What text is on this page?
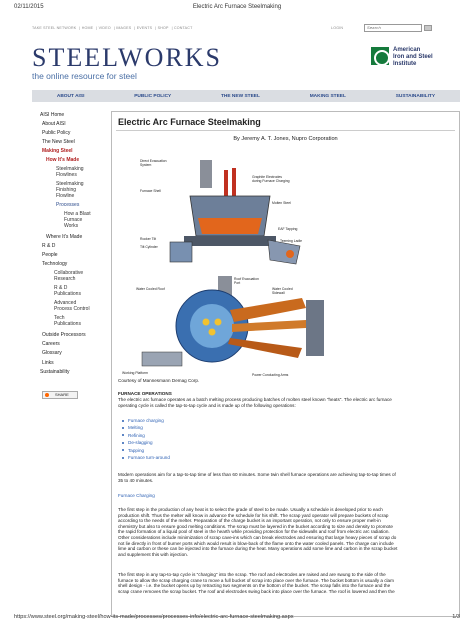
02/11/2015	Electric Arc Furnace Steelmaking
TAKE STEEL NETWORK | HOME | VIDEO | IMAGES | EVENTS | SHOP | CONTACT	LOGIN	Search
STEELWORKS
the online resource for steel
American
Iron and Steel
Institute
ABOUT AISI	PUBLIC POLICY	THE NEW STEEL	MAKING STEEL	SUSTAINABILITY
AISI Home
About AISI
Public Policy
The New Steel
Making Steel
How It's Made
Steelmaking
Flowlines
Steelmaking
Finishing
Flowline
Processes
How a Blast
Furnace
Works
Where It's Made
R & D
People
Technology
Collaborative
Research
R & D
Publications
Advanced
Process Control
Tech
Publications
Outside Processors
Careers
Glossary
Links
Sustainability
SHARE
Electric Arc Furnace Steelmaking
By Jeremy A. T. Jones, Nupro Corporation
Direct Evacuation
System
Furnace Shell
Graphite Electrodes
during Furnace Charging
Molten Steel
EAF Tapping
Rocker Tilt
Tilt Cylinder
Teeming Ladle
Roof Evacuation
Port
Water Cooled Roof	Water Cooled
Sidewall
Working Platform	Power Conducting Arms
Courtesy of Mannesmann Demag Corp.
FURNACE OPERATIONS
The electric arc furnace operates as a batch melting process producing batches of molten steel known "heats". The electric arc furnace
operating cycle is called the tap-to-tap cycle and is made up of the following operations:
Furnace charging
Melting
Refining
De-slagging
Tapping
Furnace turn-around
Modern operations aim for a tap-to-tap time of less than 60 minutes. Some twin shell furnace operations are achieving tap-to-tap times of
35 to 40 minutes.
Furnace Charging
The first step in the production of any heat is to select the grade of steel to be made. Usually a schedule is developed prior to each
production shift. Thus the melter will know in advance the schedule for his shift. The scrap yard operator will prepare buckets of scrap
according to the needs of the melter. Preparation of the charge bucket is an important operation, not only to ensure proper melt-in
chemistry but also to ensure good melting conditions. The scrap must be layered in the bucket according to size and density to promote
the rapid formation of a liquid pool of steel in the hearth while providing protection for the sidewalls and roof from electric arc radiation.
Other considerations include minimization of scrap cave-ins which can break electrodes and ensuring that large heavy pieces of scrap do
not lie directly in front of burner ports which would result in blow-back of the flame onto the water cooled panels. The charge can include
lime and carbon or these can be injected into the furnace during the heat. Many operations add some lime and carbon in the scrap bucket
and supplement this with injection.
The first step in any tap-to-tap cycle is "charging" into the scrap. The roof and electrodes are raised and are swung to the side of the
furnace to allow the scrap charging crane to move a full bucket of scrap into place over the furnace. The bucket bottom is usually a clam
shell design - i.e. the bucket opens up by retracting two segments on the bottom of the bucket. The scrap falls into the furnace and the
scrap crane removes the scrap bucket. The roof and electrodes swing back into place over the furnace. The roof is lowered and then the
https://www.steel.org/making-steel/how-its-made/processes/processes-info/electric-arc-furnace-steelmaking.aspx	1/3
